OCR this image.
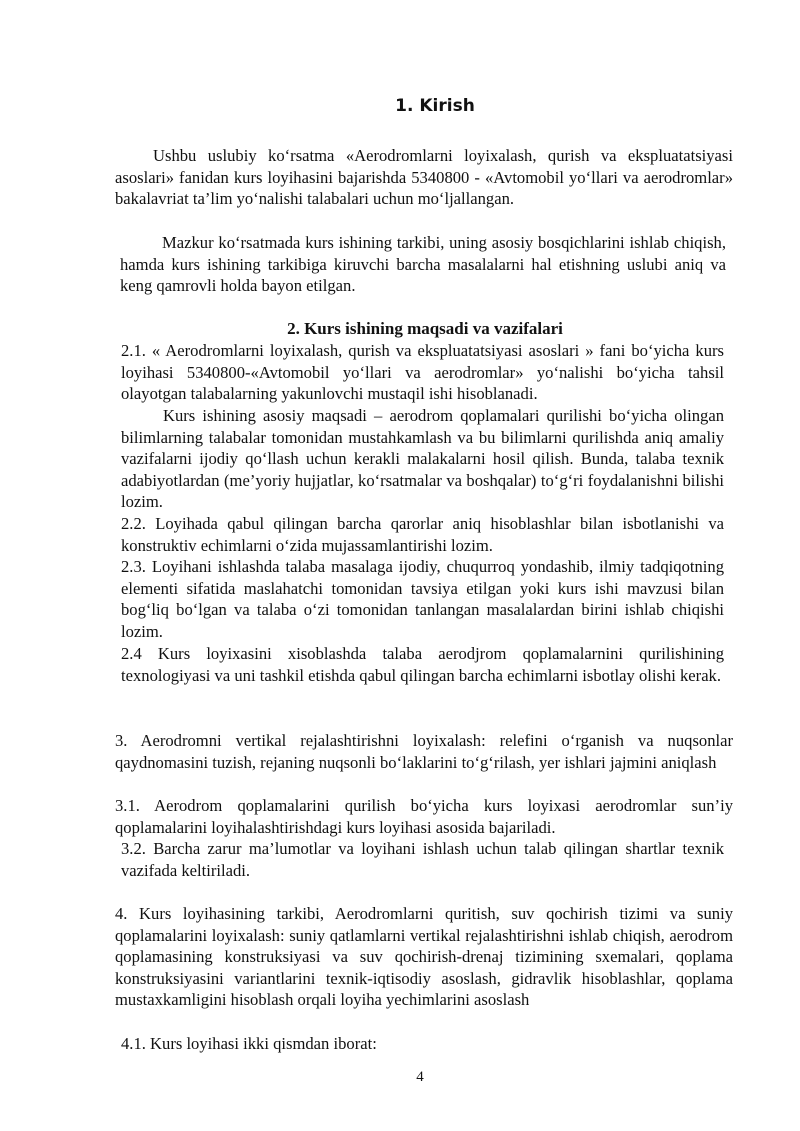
1. Kirish

Ushbu uslubiy ko‘rsatma «Aerodromlarni loyixalash, qurish va ekspluatatsiyasi asoslari» fanidan kurs loyihasini bajarishda 5340800 - «Avtomobil yo‘llari va aerodromlar» bakalavriat ta’lim yo‘nalishi talabalari uchun mo‘ljallangan.

Mazkur ko‘rsatmada kurs ishining tarkibi, uning asosiy bosqichlarini ishlab chiqish, hamda kurs ishining tarkibiga kiruvchi barcha masalalarni hal etishning uslubi aniq va keng qamrovli holda bayon etilgan.

2. Kurs ishining maqsadi va vazifalari

2.1. « Aerodromlarni loyixalash, qurish va ekspluatatsiyasi asoslari » fani bo‘yicha kurs loyihasi 5340800-«Avtomobil yo‘llari va aerodromlar» yo‘nalishi bo‘yicha tahsil olayotgan talabalarning yakunlovchi mustaqil ishi hisoblanadi.

Kurs ishining asosiy maqsadi – aerodrom qoplamalari qurilishi bo‘yicha olingan bilimlarning talabalar tomonidan mustahkamlash va bu bilimlarni qurilishda aniq amaliy vazifalarni ijodiy qo‘llash uchun kerakli malakalarni hosil qilish. Bunda, talaba texnik adabiyotlardan (me’yoriy hujjatlar, ko‘rsatmalar va boshqalar) to‘g‘ri foydalanishni bilishi lozim.

2.2. Loyihada qabul qilingan barcha qarorlar aniq hisoblashlar bilan isbotlanishi va konstruktiv echimlarni o‘zida mujassamlantirishi lozim.

2.3. Loyihani ishlashda talaba masalaga ijodiy, chuqurroq yondashib, ilmiy tadqiqotning elementi sifatida maslahatchi tomonidan tavsiya etilgan yoki kurs ishi mavzusi bilan bog‘liq bo‘lgan va talaba o‘zi tomonidan tanlangan masalalardan birini ishlab chiqishi lozim.

2.4 Kurs loyixasini xisoblashda talaba aerodjrom qoplamalarnini qurilishining texnologiyasi va uni tashkil etishda qabul qilingan barcha echimlarni isbotlay olishi kerak.

3. Aerodromni vertikal rejalashtirishni loyixalash: relefini o‘rganish va nuqsonlar qaydnomasini tuzish, rejaning nuqsonli bo‘laklarini to‘g‘rilash, yer ishlari jajmini aniqlash

3.1. Aerodrom qoplamalarini qurilish bo‘yicha kurs loyixasi aerodromlar sun’iy qoplamalarini loyihalashtirishdagi kurs loyihasi asosida bajariladi.

3.2. Barcha zarur ma’lumotlar va loyihani ishlash uchun talab qilingan shartlar texnik vazifada keltiriladi.

4. Kurs loyihasining tarkibi, Aerodromlarni quritish, suv qochirish tizimi va suniy qoplamalarini loyixalash: suniy qatlamlarni vertikal rejalashtirishni ishlab chiqish, aerodrom qoplamasining konstruksiyasi va suv qochirish-drenaj tizimining sxemalari, qoplama konstruksiyasini variantlarini texnik-iqtisodiy asoslash, gidravlik hisoblashlar, qoplama mustaxkamligini hisoblash orqali loyiha yechimlarini asoslash

4.1. Kurs loyihasi ikki qismdan iborat:

4
